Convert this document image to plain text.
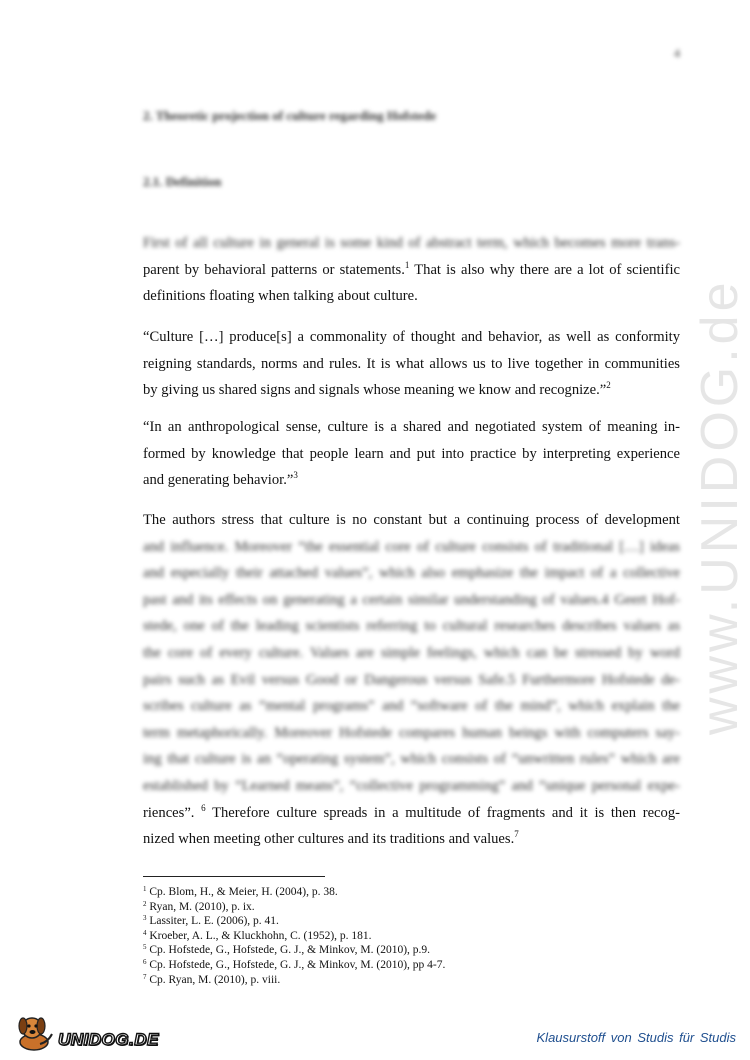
4
2. Theoretic projection of culture regarding Hofstede
2.1. Definition
First of all culture in general is some kind of abstract term, which becomes more trans-
parent by behavioral patterns or statements.$^1$ That is also why there are a lot of scientific
definitions floating when talking about culture.
“Culture […] produce[s] a commonality of thought and behavior, as well as conformity
reigning standards, norms and rules. It is what allows us to live together in communities
by giving us shared signs and signals whose meaning we know and recognize.”$^2$
“In an anthropological sense, culture is a shared and negotiated system of meaning in-
formed by knowledge that people learn and put into practice by interpreting experience
and generating behavior.”$^3$
The authors stress that culture is no constant but a continuing process of development
and influence. Moreover “the essential core of culture consists of traditional […] ideas
and especially their attached values”, which also emphasize the impact of a collective
past and its effects on generating a certain similar understanding of values.4 Geert Hof-
stede, one of the leading scientists referring to cultural researches describes values as
the core of every culture. Values are simple feelings, which can be stressed by word
pairs such as Evil versus Good or Dangerous versus Safe.5 Furthermore Hofstede de-
scribes culture as “mental programs” and “software of the mind”, which explain the
term metaphorically. Moreover Hofstede compares human beings with computers say-
ing that culture is an “operating system”, which consists of “unwritten rules” which are
established by “Learned means”, “collective programming” and “unique personal expe-
riences”. $^6$ Therefore culture spreads in a multitude of fragments and it is then recog-
nized when meeting other cultures and its traditions and values.$^7$
$^1$ Cp. Blom, H., & Meier, H. (2004), p. 38.
$^2$ Ryan, M. (2010), p. ix.
$^3$ Lassiter, L. E. (2006), p. 41.
$^4$ Kroeber, A. L., & Kluckhohn, C. (1952), p. 181.
$^5$ Cp. Hofstede, G., Hofstede, G. J., & Minkov, M. (2010), p.9.
$^6$ Cp. Hofstede, G., Hofstede, G. J., & Minkov, M. (2010), pp 4-7.
$^7$ Cp. Ryan, M. (2010), p. viii.
www.UNIDOG.de
UNIDOG.DE	Klausurstoff von Studis für Studis
